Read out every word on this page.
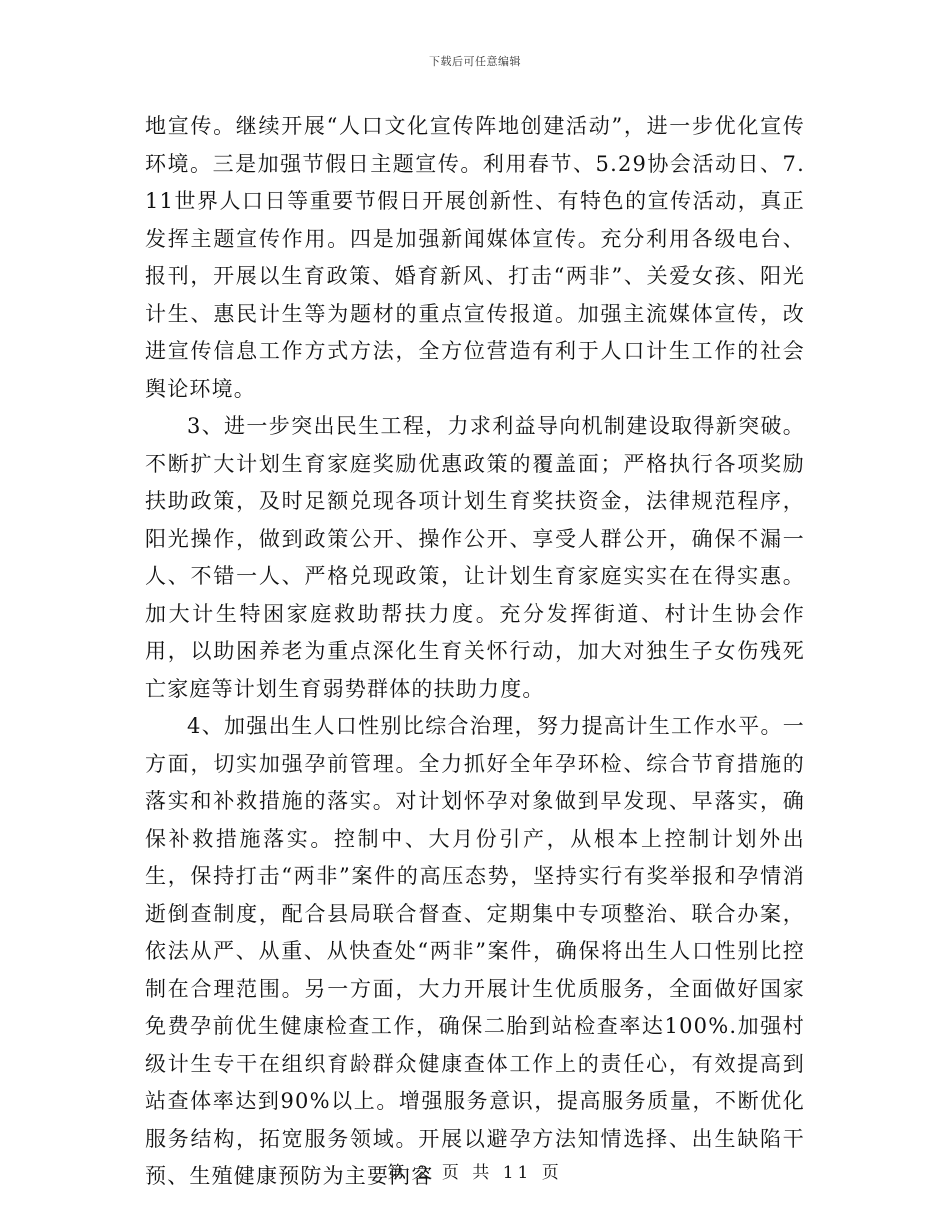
下载后可任意编辑

地宣传。继续开展“人口文化宣传阵地创建活动”，进一步优化宣传环境。三是加强节假日主题宣传。利用春节、5.29协会活动日、7.11世界人口日等重要节假日开展创新性、有特色的宣传活动，真正发挥主题宣传作用。四是加强新闻媒体宣传。充分利用各级电台、报刊，开展以生育政策、婚育新风、打击“两非”、关爱女孩、阳光计生、惠民计生等为题材的重点宣传报道。加强主流媒体宣传，改进宣传信息工作方式方法，全方位营造有利于人口计生工作的社会舆论环境。

3、进一步突出民生工程，力求利益导向机制建设取得新突破。不断扩大计划生育家庭奖励优惠政策的覆盖面；严格执行各项奖励扶助政策，及时足额兑现各项计划生育奖扶资金，法律规范程序，阳光操作，做到政策公开、操作公开、享受人群公开，确保不漏一人、不错一人、严格兑现政策，让计划生育家庭实实在在得实惠。加大计生特困家庭救助帮扶力度。充分发挥街道、村计生协会作用，以助困养老为重点深化生育关怀行动，加大对独生子女伤残死亡家庭等计划生育弱势群体的扶助力度。

4、加强出生人口性别比综合治理，努力提高计生工作水平。一方面，切实加强孕前管理。全力抓好全年孕环检、综合节育措施的落实和补救措施的落实。对计划怀孕对象做到早发现、早落实，确保补救措施落实。控制中、大月份引产，从根本上控制计划外出生，保持打击“两非”案件的高压态势，坚持实行有奖举报和孕情消逝倒查制度，配合县局联合督查、定期集中专项整治、联合办案，依法从严、从重、从快查处“两非”案件，确保将出生人口性别比控制在合理范围。另一方面，大力开展计生优质服务，全面做好国家免费孕前优生健康检查工作，确保二胎到站检查率达100%.加强村级计生专干在组织育龄群众健康查体工作上的责任心，有效提高到站查体率达到90%以上。增强服务意识，提高服务质量，不断优化服务结构，拓宽服务领域。开展以避孕方法知情选择、出生缺陷干预、生殖健康预防为主要内容

第 2 页 共 11 页
